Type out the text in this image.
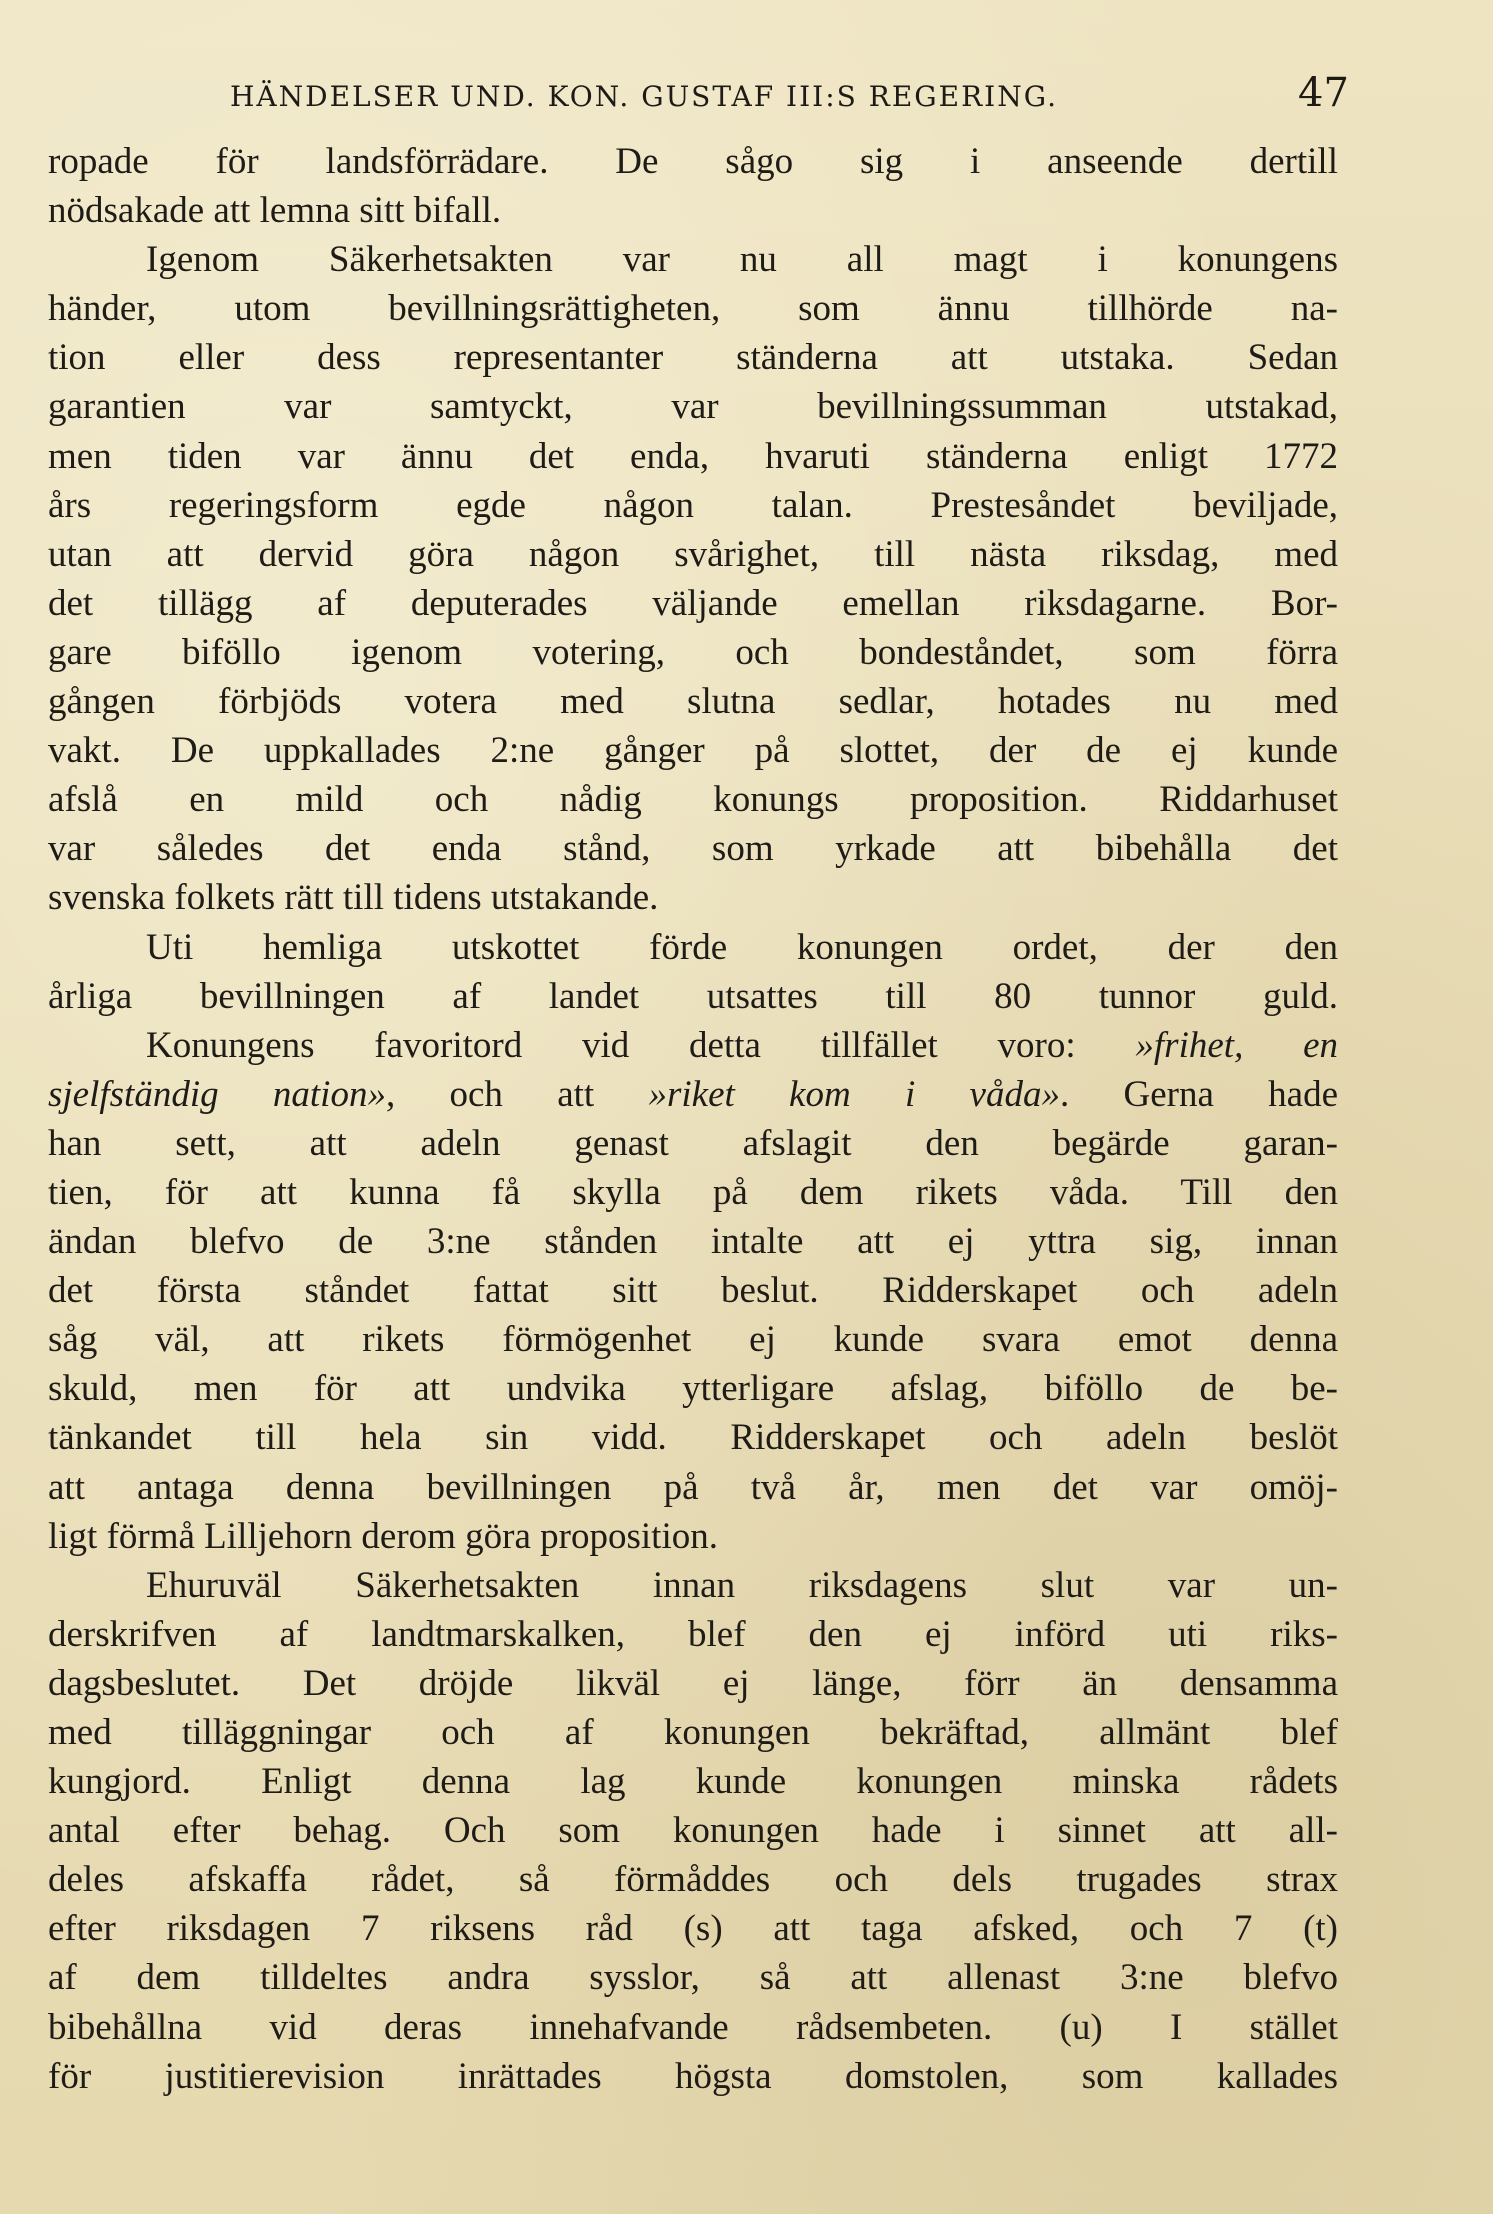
HÄNDELSER UND. KON. GUSTAF III:S REGERING.	47
ropade för landsförrädare. De sågo sig i anseende dertill
nödsakade att lemna sitt bifall.
Igenom Säkerhetsakten var nu all magt i konungens
händer, utom bevillningsrättigheten, som ännu tillhörde na-
tion eller dess representanter ständerna att utstaka. Sedan
garantien var samtyckt, var bevillningssumman utstakad,
men tiden var ännu det enda, hvaruti ständerna enligt 1772
års regeringsform egde någon talan. Prestesåndet beviljade,
utan att dervid göra någon svårighet, till nästa riksdag, med
det tillägg af deputerades väljande emellan riksdagarne. Bor-
gare biföllo igenom votering, och bondeståndet, som förra
gången förbjöds votera med slutna sedlar, hotades nu med
vakt. De uppkallades 2:ne gånger på slottet, der de ej kunde
afslå en mild och nådig konungs proposition. Riddarhuset
var således det enda stånd, som yrkade att bibehålla det
svenska folkets rätt till tidens utstakande.
Uti hemliga utskottet förde konungen ordet, der den
årliga bevillningen af landet utsattes till 80 tunnor guld.
Konungens favoritord vid detta tillfället voro: »frihet, en
sjelfständig nation», och att »riket kom i våda». Gerna hade
han sett, att adeln genast afslagit den begärde garan-
tien, för att kunna få skylla på dem rikets våda. Till den
ändan blefvo de 3:ne stånden intalte att ej yttra sig, innan
det första ståndet fattat sitt beslut. Ridderskapet och adeln
såg väl, att rikets förmögenhet ej kunde svara emot denna
skuld, men för att undvika ytterligare afslag, biföllo de be-
tänkandet till hela sin vidd. Ridderskapet och adeln beslöt
att antaga denna bevillningen på två år, men det var omöj-
ligt förmå Lilljehorn derom göra proposition.
Ehuruväl Säkerhetsakten innan riksdagens slut var un-
derskrifven af landtmarskalken, blef den ej införd uti riks-
dagsbeslutet. Det dröjde likväl ej länge, förr än densamma
med tilläggningar och af konungen bekräftad, allmänt blef
kungjord. Enligt denna lag kunde konungen minska rådets
antal efter behag. Och som konungen hade i sinnet att all-
deles afskaffa rådet, så förmåddes och dels trugades strax
efter riksdagen 7 riksens råd (s) att taga afsked, och 7 (t)
af dem tilldeltes andra sysslor, så att allenast 3:ne blefvo
bibehållna vid deras innehafvande rådsembeten. (u) I stället
för justitierevision inrättades högsta domstolen, som kallades
